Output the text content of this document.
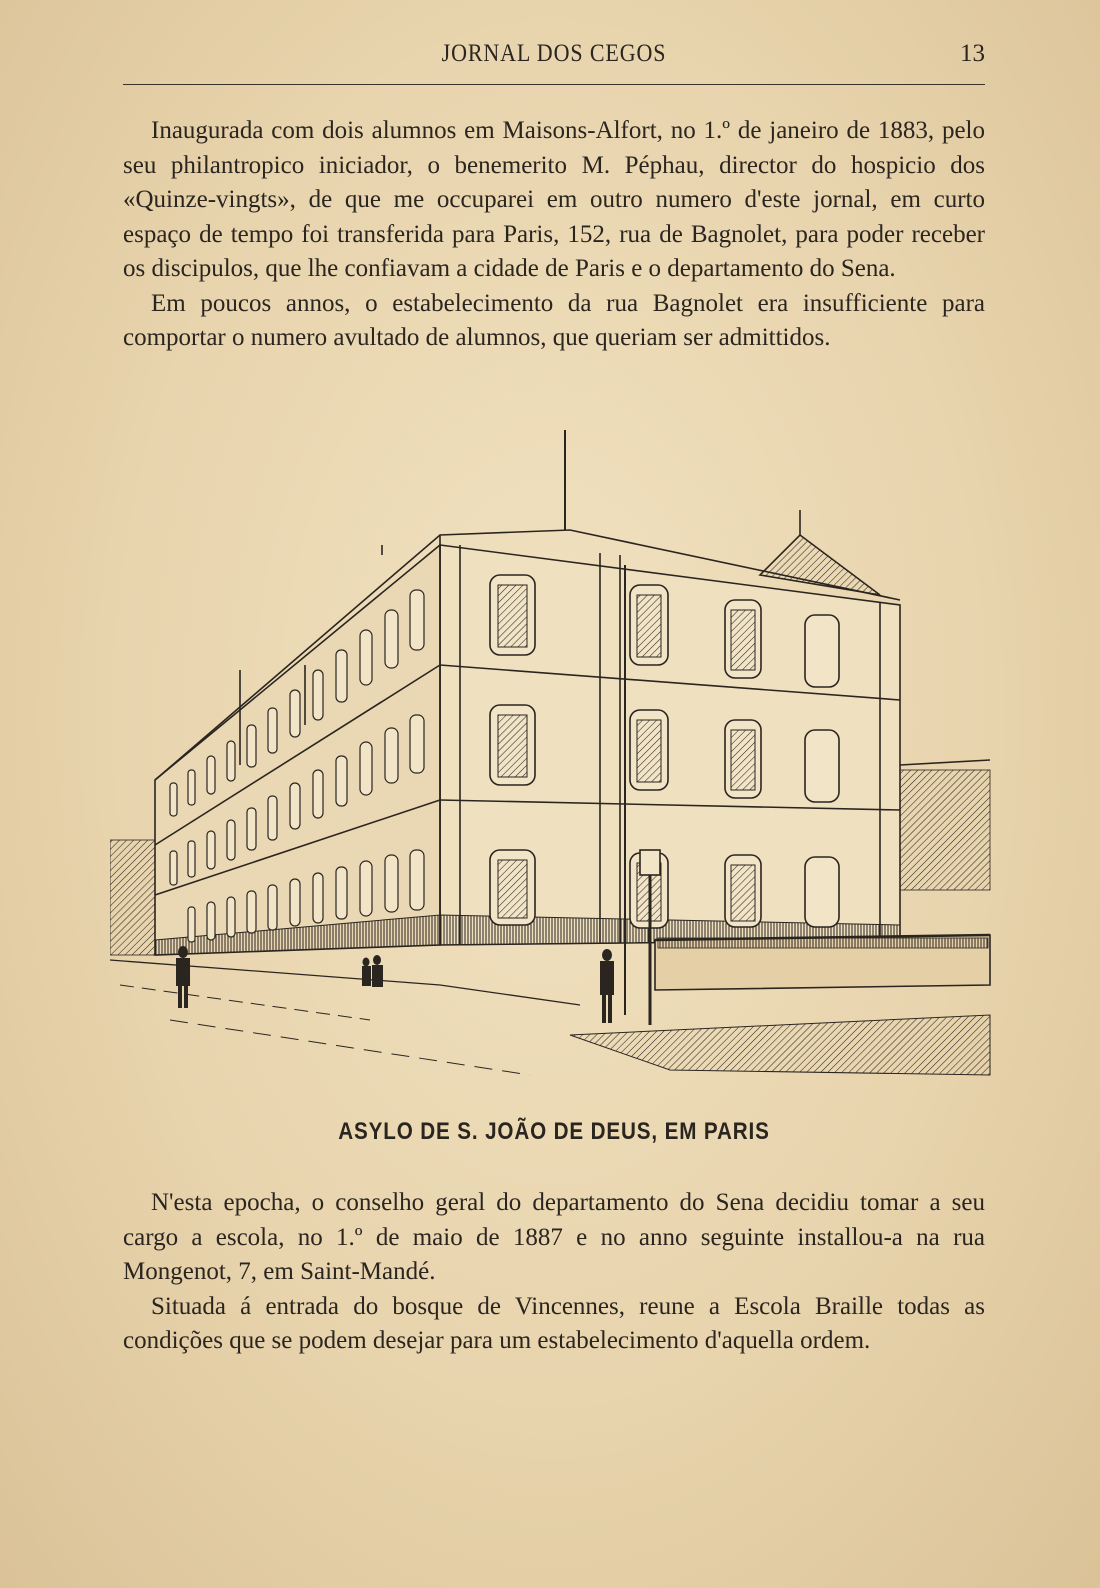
JORNAL DOS CEGOS	13

Inaugurada com dois alumnos em Maisons-Alfort, no 1.º de janeiro de 1883, pelo seu philantropico iniciador, o benemerito M. Péphau, director do hospicio dos «Quinze-vingts», de que me occuparei em outro numero d'este jornal, em curto espaço de tempo foi transferida para Paris, 152, rua de Bagnolet, para poder receber os discipulos, que lhe confiavam a cidade de Paris e o departamento do Sena.

Em poucos annos, o estabelecimento da rua Bagnolet era insufficiente para comportar o numero avultado de alumnos, que queriam ser admittidos.

ASYLO DE S. JOÃO DE DEUS, EM PARIS

N'esta epocha, o conselho geral do departamento do Sena decidiu tomar a seu cargo a escola, no 1.º de maio de 1887 e no anno seguinte installou-a na rua Mongenot, 7, em Saint-Mandé.

Situada á entrada do bosque de Vincennes, reune a Escola Braille todas as condições que se podem desejar para um estabelecimento d'aquella ordem.
